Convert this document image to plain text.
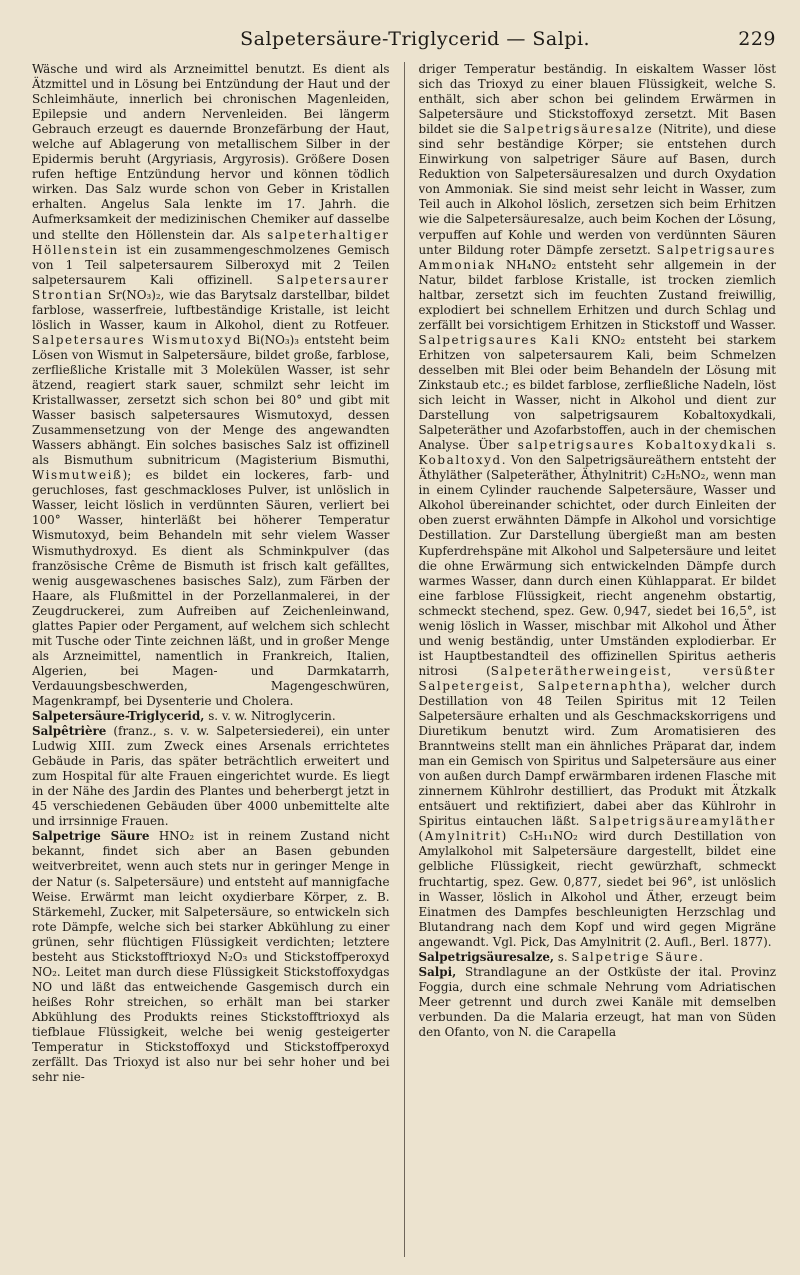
Salpetersäure-Triglycerid — Salpi.	229

Wäsche und wird als Arzneimittel benutzt. Es dient als Ätzmittel und in Lösung bei Entzündung der Haut und der Schleimhäute, innerlich bei chronischen Magenleiden, Epilepsie und andern Nervenleiden. Bei längerm Gebrauch erzeugt es dauernde Bronzefärbung der Haut, welche auf Ablagerung von metallischem Silber in der Epidermis beruht (Argyriasis, Argyrosis). Größere Dosen rufen heftige Entzündung hervor und können tödlich wirken. Das Salz wurde schon von Geber in Kristallen erhalten. Angelus Sala lenkte im 17. Jahrh. die Aufmerksamkeit der medizinischen Chemiker auf dasselbe und stellte den Höllenstein dar. Als salpeterhaltiger Höllenstein ist ein zusammengeschmolzenes Gemisch von 1 Teil salpetersaurem Silberoxyd mit 2 Teilen salpetersaurem Kali offizinell. Salpetersaurer Strontian Sr(NO₃)₂, wie das Barytsalz darstellbar, bildet farblose, wasserfreie, luftbeständige Kristalle, ist leicht löslich in Wasser, kaum in Alkohol, dient zu Rotfeuer. Salpetersaures Wismutoxyd Bi(NO₃)₃ entsteht beim Lösen von Wismut in Salpetersäure, bildet große, farblose, zerfließliche Kristalle mit 3 Molekülen Wasser, ist sehr ätzend, reagiert stark sauer, schmilzt sehr leicht im Kristallwasser, zersetzt sich schon bei 80° und gibt mit Wasser basisch salpetersaures Wismutoxyd, dessen Zusammensetzung von der Menge des angewandten Wassers abhängt. Ein solches basisches Salz ist offizinell als Bismuthum subnitricum (Magisterium Bismuthi, Wismutweiß); es bildet ein lockeres, farb- und geruchloses, fast geschmackloses Pulver, ist unlöslich in Wasser, leicht löslich in verdünnten Säuren, verliert bei 100° Wasser, hinterläßt bei höherer Temperatur Wismutoxyd, beim Behandeln mit sehr vielem Wasser Wismuthydroxyd. Es dient als Schminkpulver (das französische Crême de Bismuth ist frisch kalt gefälltes, wenig ausgewaschenes basisches Salz), zum Färben der Haare, als Flußmittel in der Porzellanmalerei, in der Zeugdruckerei, zum Aufreiben auf Zeichenleinwand, glattes Papier oder Pergament, auf welchem sich schlecht mit Tusche oder Tinte zeichnen läßt, und in großer Menge als Arzneimittel, namentlich in Frankreich, Italien, Algerien, bei Magen- und Darmkatarrh, Verdauungsbeschwerden, Magengeschwüren, Magenkrampf, bei Dysenterie und Cholera.

Salpetersäure-Triglycerid, s. v. w. Nitroglycerin.

Salpêtrière (franz., s. v. w. Salpetersiederei), ein unter Ludwig XIII. zum Zweck eines Arsenals errichtetes Gebäude in Paris, das später beträchtlich erweitert und zum Hospital für alte Frauen eingerichtet wurde. Es liegt in der Nähe des Jardin des Plantes und beherbergt jetzt in 45 verschiedenen Gebäuden über 4000 unbemittelte alte und irrsinnige Frauen.

Salpetrige Säure HNO₂ ist in reinem Zustand nicht bekannt, findet sich aber an Basen gebunden weitverbreitet, wenn auch stets nur in geringer Menge in der Natur (s. Salpetersäure) und entsteht auf mannigfache Weise. Erwärmt man leicht oxydierbare Körper, z. B. Stärkemehl, Zucker, mit Salpetersäure, so entwickeln sich rote Dämpfe, welche sich bei starker Abkühlung zu einer grünen, sehr flüchtigen Flüssigkeit verdichten; letztere besteht aus Stickstofftrioxyd N₂O₃ und Stickstoffperoxyd NO₂. Leitet man durch diese Flüssigkeit Stickstoffoxydgas NO und läßt das entweichende Gasgemisch durch ein heißes Rohr streichen, so erhält man bei starker Abkühlung des Produkts reines Stickstofftrioxyd als tiefblaue Flüssigkeit, welche bei wenig gesteigerter Temperatur in Stickstoffoxyd und Stickstoffperoxyd zerfällt. Das Trioxyd ist also nur bei sehr hoher und bei sehr nie-

driger Temperatur beständig. In eiskaltem Wasser löst sich das Trioxyd zu einer blauen Flüssigkeit, welche S. enthält, sich aber schon bei gelindem Erwärmen in Salpetersäure und Stickstoffoxyd zersetzt. Mit Basen bildet sie die Salpetrigsäuresalze (Nitrite), und diese sind sehr beständige Körper; sie entstehen durch Einwirkung von salpetriger Säure auf Basen, durch Reduktion von Salpetersäuresalzen und durch Oxydation von Ammoniak. Sie sind meist sehr leicht in Wasser, zum Teil auch in Alkohol löslich, zersetzen sich beim Erhitzen wie die Salpetersäuresalze, auch beim Kochen der Lösung, verpuffen auf Kohle und werden von verdünnten Säuren unter Bildung roter Dämpfe zersetzt. Salpetrigsaures Ammoniak NH₄NO₂ entsteht sehr allgemein in der Natur, bildet farblose Kristalle, ist trocken ziemlich haltbar, zersetzt sich im feuchten Zustand freiwillig, explodiert bei schnellem Erhitzen und durch Schlag und zerfällt bei vorsichtigem Erhitzen in Stickstoff und Wasser. Salpetrigsaures Kali KNO₂ entsteht bei starkem Erhitzen von salpetersaurem Kali, beim Schmelzen desselben mit Blei oder beim Behandeln der Lösung mit Zinkstaub etc.; es bildet farblose, zerfließliche Nadeln, löst sich leicht in Wasser, nicht in Alkohol und dient zur Darstellung von salpetrigsaurem Kobaltoxydkali, Salpeteräther und Azofarbstoffen, auch in der chemischen Analyse. Über salpetrigsaures Kobaltoxydkali s. Kobaltoxyd. Von den Salpetrigsäureäthern entsteht der Äthyläther (Salpeteräther, Äthylnitrit) C₂H₅NO₂, wenn man in einem Cylinder rauchende Salpetersäure, Wasser und Alkohol übereinander schichtet, oder durch Einleiten der oben zuerst erwähnten Dämpfe in Alkohol und vorsichtige Destillation. Zur Darstellung übergießt man am besten Kupferdrehspäne mit Alkohol und Salpetersäure und leitet die ohne Erwärmung sich entwickelnden Dämpfe durch warmes Wasser, dann durch einen Kühlapparat. Er bildet eine farblose Flüssigkeit, riecht angenehm obstartig, schmeckt stechend, spez. Gew. 0,947, siedet bei 16,5°, ist wenig löslich in Wasser, mischbar mit Alkohol und Äther und wenig beständig, unter Umständen explodierbar. Er ist Hauptbestandteil des offizinellen Spiritus aetheris nitrosi (Salpeterätherweingeist, versüßter Salpetergeist, Salpeternaphtha), welcher durch Destillation von 48 Teilen Spiritus mit 12 Teilen Salpetersäure erhalten und als Geschmackskorrigens und Diuretikum benutzt wird. Zum Aromatisieren des Branntweins stellt man ein ähnliches Präparat dar, indem man ein Gemisch von Spiritus und Salpetersäure aus einer von außen durch Dampf erwärmbaren irdenen Flasche mit zinnernem Kühlrohr destilliert, das Produkt mit Ätzkalk entsäuert und rektifiziert, dabei aber das Kühlrohr in Spiritus eintauchen läßt. Salpetrigsäureamyläther (Amylnitrit) C₅H₁₁NO₂ wird durch Destillation von Amylalkohol mit Salpetersäure dargestellt, bildet eine gelbliche Flüssigkeit, riecht gewürzhaft, schmeckt fruchtartig, spez. Gew. 0,877, siedet bei 96°, ist unlöslich in Wasser, löslich in Alkohol und Äther, erzeugt beim Einatmen des Dampfes beschleunigten Herzschlag und Blutandrang nach dem Kopf und wird gegen Migräne angewandt. Vgl. Pick, Das Amylnitrit (2. Aufl., Berl. 1877).

Salpetrigsäuresalze, s. Salpetrige Säure.

Salpi, Strandlagune an der Ostküste der ital. Provinz Foggia, durch eine schmale Nehrung vom Adriatischen Meer getrennt und durch zwei Kanäle mit demselben verbunden. Da die Malaria erzeugt, hat man von Süden den Ofanto, von N. die Carapella
